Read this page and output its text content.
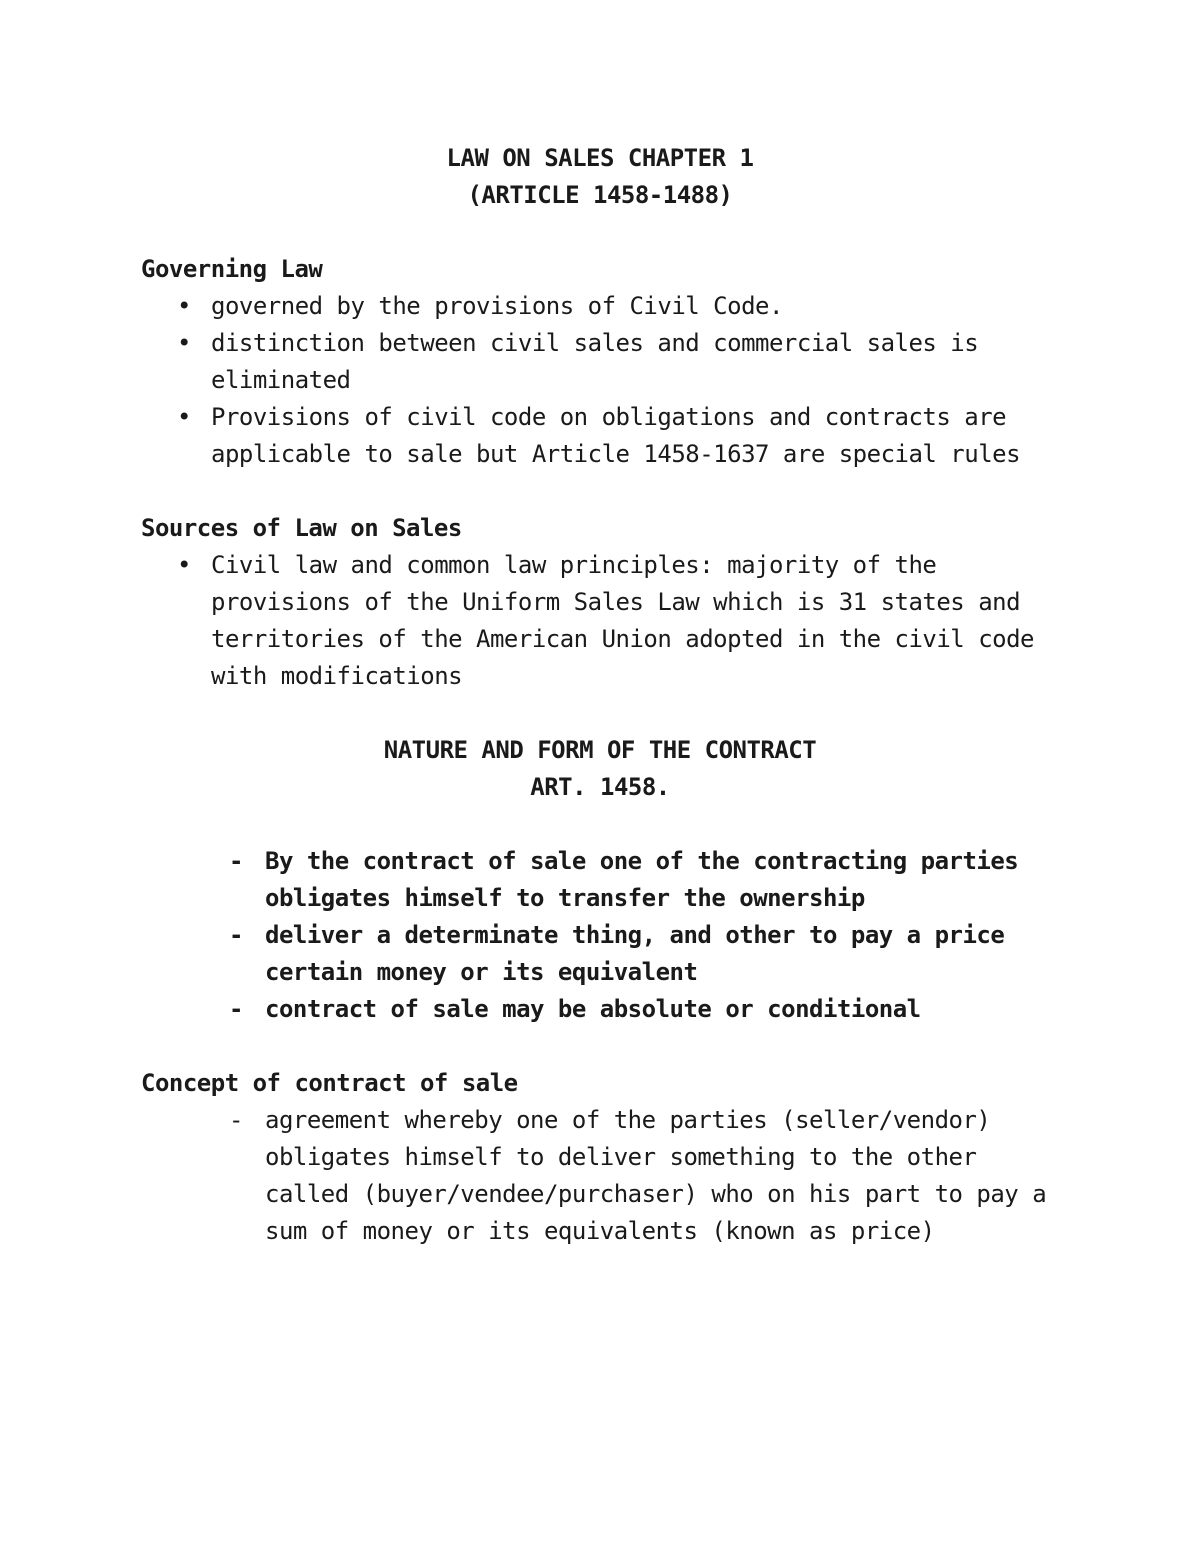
LAW ON SALES CHAPTER 1
(ARTICLE 1458-1488)
Governing Law
• governed by the provisions of Civil Code.
• distinction between civil sales and commercial sales is eliminated
• Provisions of civil code on obligations and contracts are applicable to sale but Article 1458-1637 are special rules
Sources of Law on Sales
• Civil law and common law principles: majority of the provisions of the Uniform Sales Law which is 31 states and territories of the American Union adopted in the civil code with modifications
NATURE AND FORM OF THE CONTRACT
ART. 1458.
- By the contract of sale one of the contracting parties obligates himself to transfer the ownership
- deliver a determinate thing, and other to pay a price certain money or its equivalent
- contract of sale may be absolute or conditional
Concept of contract of sale
- agreement whereby one of the parties (seller/vendor) obligates himself to deliver something to the other called (buyer/vendee/purchaser) who on his part to pay a sum of money or its equivalents (known as price)
